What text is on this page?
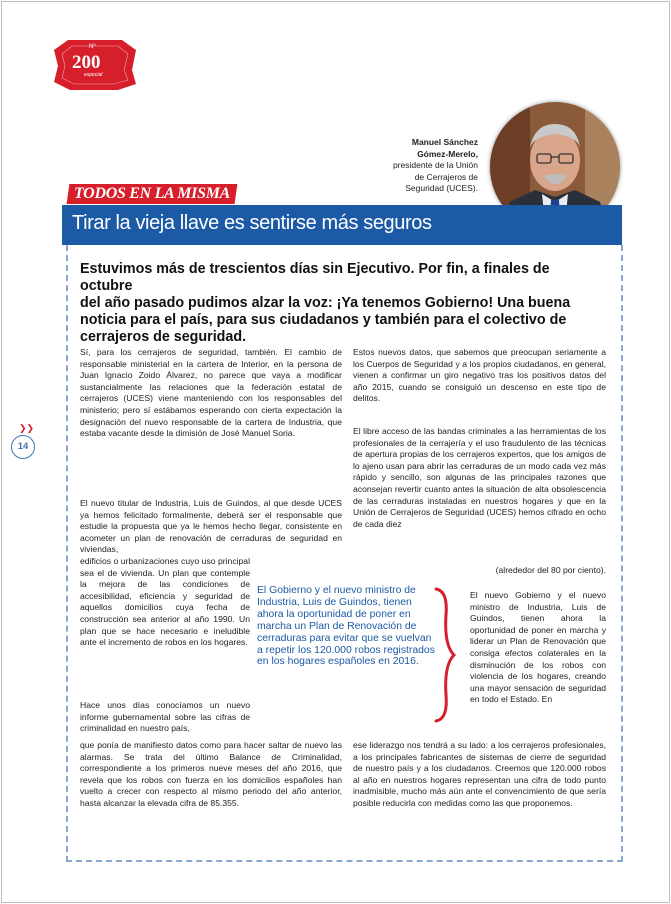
Nº
200
especial
Manuel Sánchez
Gómez-Merelo,
presidente de la Unión
de Cerrajeros de
Seguridad (UCES).
TODOS EN LA MISMA
Tirar la vieja llave es sentirse más seguros
Estuvimos más de trescientos días sin Ejecutivo. Por fin, a finales de octubre
del año pasado pudimos alzar la voz: ¡Ya tenemos Gobierno! Una buena
noticia para el país, para sus ciudadanos y también para el colectivo de
cerrajeros de seguridad.
❯❯
14

Sí, para los cerrajeros de seguridad, también. El cambio de responsable ministerial en la cartera de Interior, en la persona de Juan Ignacio Zoido Álvarez, no parece que vaya a modificar sustancialmente las relaciones que la federación estatal de cerrajeros (UCES) viene manteniendo con los responsables del ministerio; pero sí estábamos esperando con cierta expectación la designación del nuevo responsable de la cartera de Industria, que estaba vacante desde la dimisión de José Manuel Soria.

El nuevo titular de Industria, Luis de Guindos, al que desde UCES ya hemos felicitado formalmente, deberá ser el responsable que estudie la propuesta que ya le hemos hecho llegar, consistente en acometer un plan de renovación de cerraduras de seguridad en viviendas,

edificios o urbanizaciones cuyo uso principal sea el de vivienda. Un plan que contemple la mejora de las condiciones de accesibilidad, eficiencia y seguridad de aquellos domicilios cuya fecha de construcción sea anterior al año 1990. Un plan que se hace necesario e ineludible ante el incremento de robos en los hogares.

Hace unos días conocíamos un nuevo informe gubernamental sobre las cifras de criminalidad en nuestro país,

que ponía de manifiesto datos como para hacer saltar de nuevo las alarmas. Se trata del último Balance de Criminalidad, correspondiente a los primeros nueve meses del año 2016, que revela que los robos con fuerza en los domicilios españoles han vuelto a crecer con respecto al mismo periodo del año anterior, hasta alcanzar la elevada cifra de 85.355.

Estos nuevos datos, que sabemos que preocupan seriamente a los Cuerpos de Seguridad y a los propios ciudadanos, en general, vienen a confirmar un giro negativo tras los positivos datos del año 2015, cuando se consiguió un descenso en este tipo de delitos.

El libre acceso de las bandas criminales a las herramientas de los profesionales de la cerrajería y el uso fraudulento de las técnicas de apertura propias de los cerrajeros expertos, que los amigos de lo ajeno usan para abrir las cerraduras de un modo cada vez más rápido y sencillo, son algunas de las principales razones que aconsejan revertir cuanto antes la situación de alta obsolescencia de las cerraduras instaladas en nuestros hogares y que en la Unión de Cerrajeros de Seguridad (UCES) hemos cifrado en ocho de cada diez

(alrededor del 80 por ciento).

El nuevo Gobierno y el nuevo ministro de Industria, Luis de Guindos, tienen ahora la oportunidad de poner en marcha y liderar un Plan de Renovación que consiga efectos colaterales en la disminución de los robos con violencia de los hogares, creando una mayor sensación de seguridad en todo el Estado. En

ese liderazgo nos tendrá a su lado: a los cerrajeros profesionales, a los principales fabricantes de sistemas de cierre de seguridad de nuestro país y a los ciudadanos. Creemos que 120.000 robos al año en nuestros hogares representan una cifra de todo punto inadmisible, mucho más aún ante el convencimiento de que sería posible reducirla con medidas como las que proponemos.

El Gobierno y el nuevo ministro de Industria, Luis de Guindos, tienen ahora la oportunidad de poner en marcha un Plan de Renovación de cerraduras para evitar que se vuelvan a repetir los 120.000 robos registrados en los hogares españoles en 2016.
